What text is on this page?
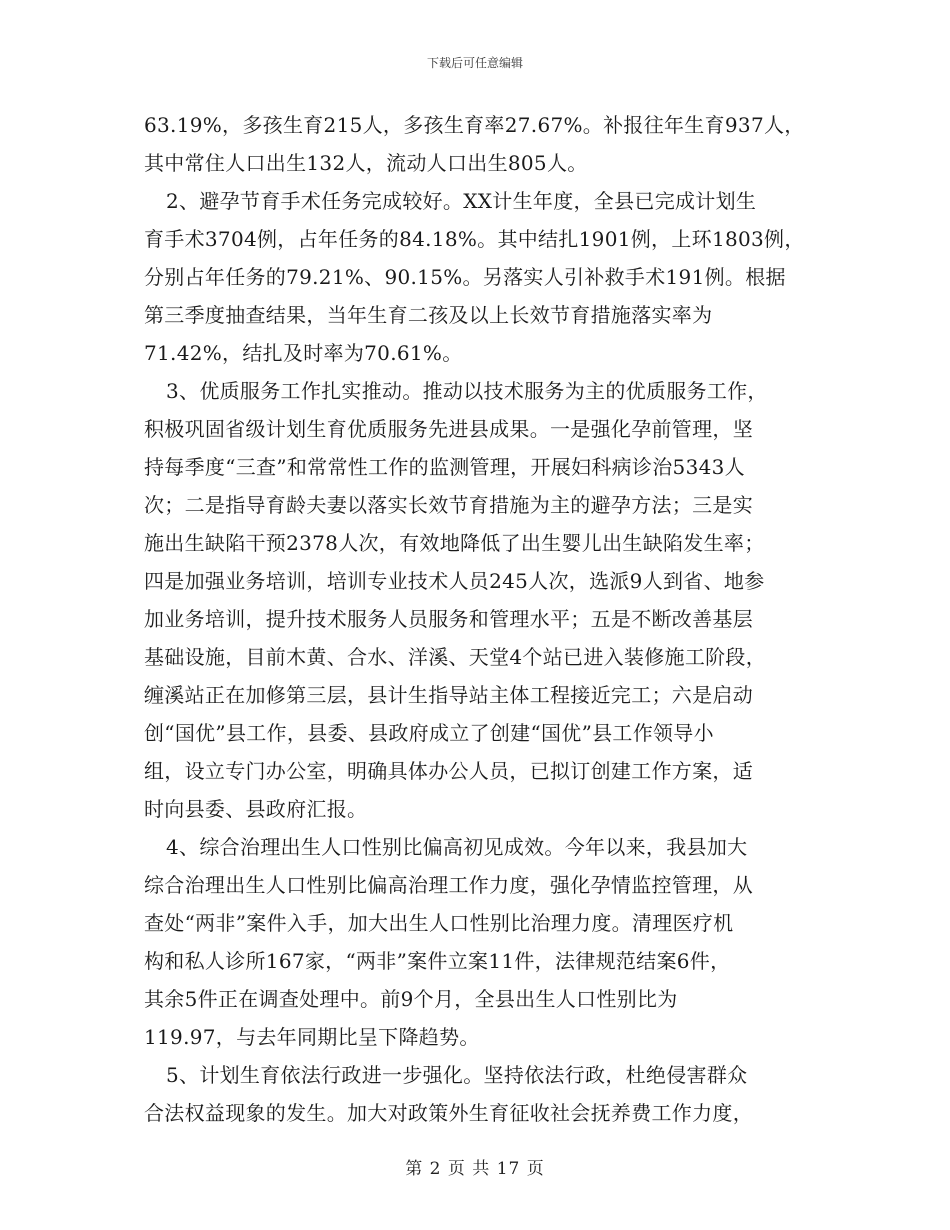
下载后可任意编辑
63.19%，多孩生育215人，多孩生育率27.67%。补报往年生育937人，
其中常住人口出生132人，流动人口出生805人。
2、避孕节育手术任务完成较好。XX计生年度，全县已完成计划生
育手术3704例，占年任务的84.18%。其中结扎1901例，上环1803例，
分别占年任务的79.21%、90.15%。另落实人引补救手术191例。根据
第三季度抽查结果，当年生育二孩及以上长效节育措施落实率为
71.42%，结扎及时率为70.61%。
3、优质服务工作扎实推动。推动以技术服务为主的优质服务工作，
积极巩固省级计划生育优质服务先进县成果。一是强化孕前管理，坚
持每季度“三查”和常常性工作的监测管理，开展妇科病诊治5343人
次；二是指导育龄夫妻以落实长效节育措施为主的避孕方法；三是实
施出生缺陷干预2378人次，有效地降低了出生婴儿出生缺陷发生率；
四是加强业务培训，培训专业技术人员245人次，选派9人到省、地参
加业务培训，提升技术服务人员服务和管理水平；五是不断改善基层
基础设施，目前木黄、合水、洋溪、天堂4个站已进入装修施工阶段，
缠溪站正在加修第三层，县计生指导站主体工程接近完工；六是启动
创“国优”县工作，县委、县政府成立了创建“国优”县工作领导小
组，设立专门办公室，明确具体办公人员，已拟订创建工作方案，适
时向县委、县政府汇报。
4、综合治理出生人口性别比偏高初见成效。今年以来，我县加大
综合治理出生人口性别比偏高治理工作力度，强化孕情监控管理，从
查处“两非”案件入手，加大出生人口性别比治理力度。清理医疗机
构和私人诊所167家，“两非”案件立案11件，法律规范结案6件，
其余5件正在调查处理中。前9个月，全县出生人口性别比为
119.97，与去年同期比呈下降趋势。
5、计划生育依法行政进一步强化。坚持依法行政，杜绝侵害群众
合法权益现象的发生。加大对政策外生育征收社会抚养费工作力度，
第 2 页 共 17 页
